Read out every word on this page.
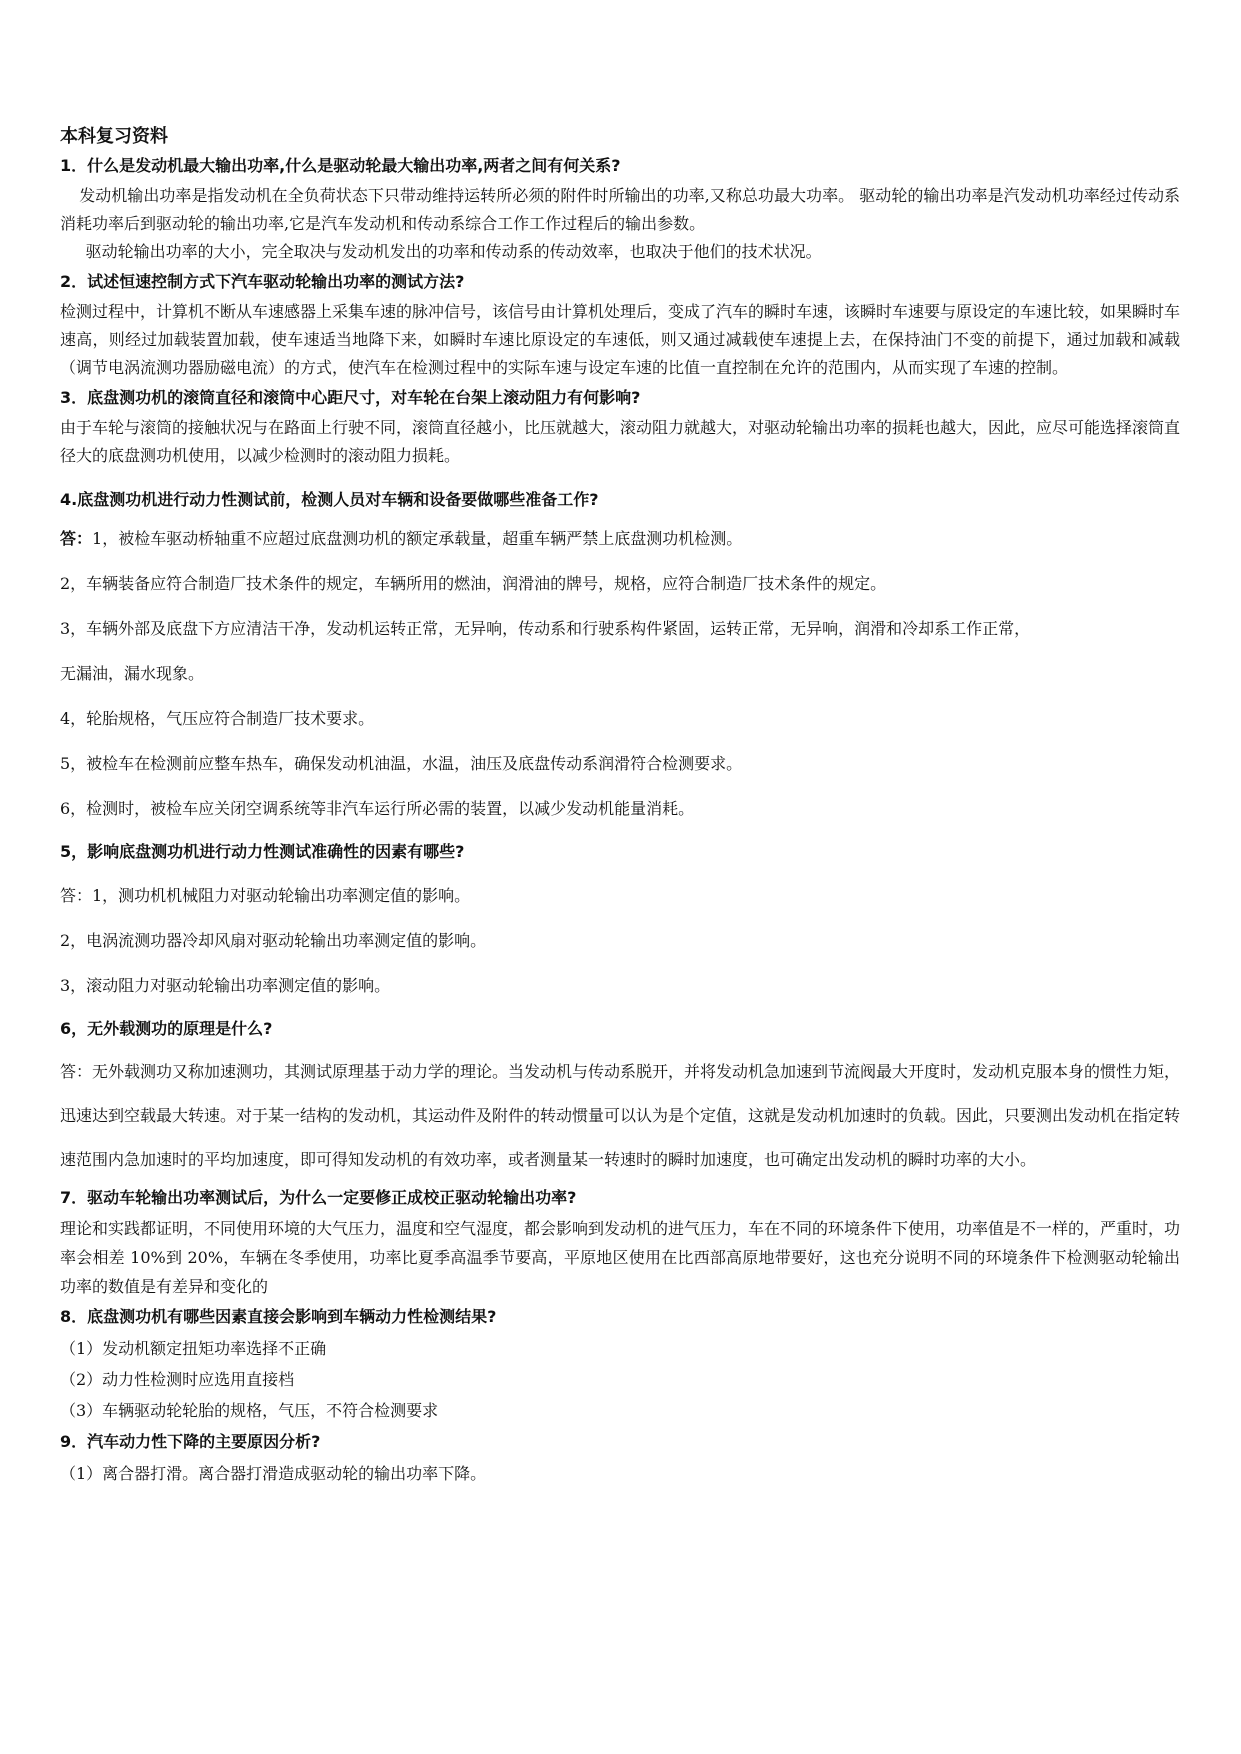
本科复习资料

1．什么是发动机最大输出功率,什么是驱动轮最大输出功率,两者之间有何关系?

发动机输出功率是指发动机在全负荷状态下只带动维持运转所必须的附件时所输出的功率,又称总功最大功率。 驱动轮的输出功率是汽发动机功率经过传动系消耗功率后到驱动轮的输出功率,它是汽车发动机和传动系综合工作工作过程后的输出参数。

驱动轮输出功率的大小，完全取决与发动机发出的功率和传动系的传动效率，也取决于他们的技术状况。

2．试述恒速控制方式下汽车驱动轮输出功率的测试方法?

检测过程中，计算机不断从车速感器上采集车速的脉冲信号，该信号由计算机处理后，变成了汽车的瞬时车速，该瞬时车速要与原设定的车速比较，如果瞬时车速高，则经过加载装置加载，使车速适当地降下来，如瞬时车速比原设定的车速低，则又通过减载使车速提上去，在保持油门不变的前提下，通过加载和减载（调节电涡流测功器励磁电流）的方式，使汽车在检测过程中的实际车速与设定车速的比值一直控制在允许的范围内，从而实现了车速的控制。

3．底盘测功机的滚筒直径和滚筒中心距尺寸，对车轮在台架上滚动阻力有何影响?

由于车轮与滚筒的接触状况与在路面上行驶不同，滚筒直径越小，比压就越大，滚动阻力就越大，对驱动轮输出功率的损耗也越大，因此，应尽可能选择滚筒直径大的底盘测功机使用，以减少检测时的滚动阻力损耗。

4.底盘测功机进行动力性测试前，检测人员对车辆和设备要做哪些准备工作?

答：1，被检车驱动桥轴重不应超过底盘测功机的额定承载量，超重车辆严禁上底盘测功机检测。

2，车辆装备应符合制造厂技术条件的规定，车辆所用的燃油，润滑油的牌号，规格，应符合制造厂技术条件的规定。

3，车辆外部及底盘下方应清洁干净，发动机运转正常，无异响，传动系和行驶系构件紧固，运转正常，无异响，润滑和冷却系工作正常，

无漏油，漏水现象。

4，轮胎规格，气压应符合制造厂技术要求。

5，被检车在检测前应整车热车，确保发动机油温，水温，油压及底盘传动系润滑符合检测要求。

6，检测时，被检车应关闭空调系统等非汽车运行所必需的装置，以减少发动机能量消耗。

5，影响底盘测功机进行动力性测试准确性的因素有哪些?

答：1，测功机机械阻力对驱动轮输出功率测定值的影响。

2，电涡流测功器冷却风扇对驱动轮输出功率测定值的影响。

3，滚动阻力对驱动轮输出功率测定值的影响。

6，无外载测功的原理是什么?

答：无外载测功又称加速测功，其测试原理基于动力学的理论。当发动机与传动系脱开，并将发动机急加速到节流阀最大开度时，发动机克服本身的惯性力矩，迅速达到空载最大转速。对于某一结构的发动机，其运动件及附件的转动惯量可以认为是个定值，这就是发动机加速时的负载。因此，只要测出发动机在指定转速范围内急加速时的平均加速度，即可得知发动机的有效功率，或者测量某一转速时的瞬时加速度，也可确定出发动机的瞬时功率的大小。

7．驱动车轮输出功率测试后，为什么一定要修正成校正驱动轮输出功率?

理论和实践都证明，不同使用环境的大气压力，温度和空气湿度，都会影响到发动机的进气压力，车在不同的环境条件下使用，功率值是不一样的，严重时，功率会相差 10%到 20%，车辆在冬季使用，功率比夏季高温季节要高，平原地区使用在比西部高原地带要好，这也充分说明不同的环境条件下检测驱动轮输出功率的数值是有差异和变化的

8．底盘测功机有哪些因素直接会影响到车辆动力性检测结果?

（1）发动机额定扭矩功率选择不正确

（2）动力性检测时应选用直接档

（3）车辆驱动轮轮胎的规格，气压，不符合检测要求

9．汽车动力性下降的主要原因分析?

（1）离合器打滑。离合器打滑造成驱动轮的输出功率下降。
